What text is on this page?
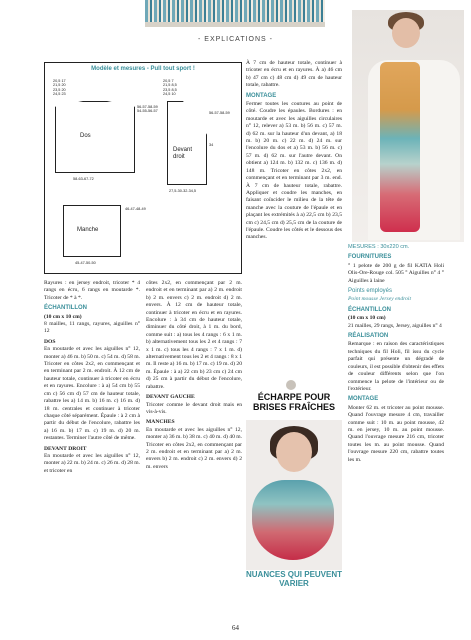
- EXPLICATIONS -
Modèle et mesures - Pull tout sport !
20,5 17
21,5 20
23,5 20
24,5 23
Dos
56-57-58-59
54-55-56-57
58-63-67-72
20,5 7
21,5 8,5
23,5 8,5
24,5 10
Devant droit
56-57-58-59
34
27,5-30-32-34,5
Manche
46-47-48-49
45-47-50-50

Rayures : en jersey endroit, tricoter * 4 rangs en écru, 6 rangs en moutarde *. Tricoter de * à *.

ÉCHANTILLON

(10 cm x 10 cm)

8 mailles, 11 rangs, rayures, aiguilles n° 12

DOS

En moutarde et avec les aiguilles n° 12, monter a) 46 m. b) 50 m. c) 54 m. d) 58 m. Tricoter en côtes 2x2, en commençant et en terminant par 2 m. endroit. À 12 cm de hauteur totale, continuer à tricoter en écru et en rayures. Encolure : à a) 54 cm b) 55 cm c) 56 cm d) 57 cm de hauteur totale, rabattre les a) 14 m. b) 16 m. c) 16 m. d) 18 m. centrales et continuer à tricoter chaque côté séparément. Épaule : à 2 cm à partir du début de l'encolure, rabattre les a) 16 m. b) 17 m. c) 19 m. d) 20 m. restantes. Terminer l'autre côté de même.

DEVANT DROIT

En moutarde et avec les aiguilles n° 12, monter a) 22 m. b) 24 m. c) 26 m. d) 28 m. et tricoter en

côtes 2x2, en commençant par 2 m. endroit et en terminant par a) 2 m. endroit b) 2 m. envers c) 2 m. endroit d) 2 m. envers. À 12 cm de hauteur totale, continuer à tricoter en écru et en rayures. Encolure : à 34 cm de hauteur totale, diminuer du côté droit, à 1 m. du bord, comme suit : a) tous les 4 rangs : 6 x 1 m. b) alternativement tous les 2 et 4 rangs : 7 x 1 m. c) tous les 4 rangs : 7 x 1 m. d) alternativement tous les 2 et 4 rangs : 8 x 1 m. Il reste a) 16 m. b) 17 m. c) 19 m. d) 20 m. Épaule : à a) 22 cm b) 23 cm c) 24 cm d) 25 cm à partir du début de l'encolure, rabattre.

DEVANT GAUCHE

Tricoter comme le devant droit mais en vis-à-vis.

MANCHES

En moutarde et avec les aiguilles n° 12, monter a) 36 m. b) 38 m. c) 40 m. d) 40 m. Tricoter en côtes 2x2, en commençant par 2 m. endroit et en terminant par a) 2 m. envers b) 2 m. endroit c) 2 m. envers d) 2 m. envers

À 7 cm de hauteur totale, continuer à tricoter en écru et en rayures. À a) 46 cm b) 47 cm c) 48 cm d) 49 cm de hauteur totale, rabattre.

MONTAGE

Fermer toutes les coutures au point de côté. Coudre les épaules. Bordures : en moutarde et avec les aiguilles circulaires n° 12, relever a) 53 m. b) 56 m. c) 57 m. d) 62 m. sur la hauteur d'un devant, a) 18 m. b) 20 m. c) 22 m. d) 24 m. sur l'encolure du dos et a) 53 m. b) 56 m. c) 57 m. d) 62 m. sur l'autre devant. On obtient a) 124 m. b) 132 m. c) 136 m. d) 148 m. Tricoter en côtes 2x2, en commençant et en terminant par 3 m. end. À 7 cm de hauteur totale, rabattre. Appliquer et coudre les manches, en faisant coïncider le milieu de la tête de manche avec la couture de l'épaule et en plaçant les extrémités à a) 22,5 cm b) 23,5 cm c) 24,5 cm d) 25,5 cm de la couture de l'épaule. Coudre les côtés et le dessous des manches.

ÉCHARPE POUR BRISES FRAÎCHES
NUANCES QUI PEUVENT VARIER

MESURES : 30x220 cm.

FOURNITURES

° 1 pelote de 200 g de fil KATIA Holi Olis-Ore-Rouge col. 505 ° Aiguilles n° 4 ° Aiguilles à laine

Points employés

Point mousse Jersey endroit

ÉCHANTILLON

(10 cm x 10 cm)

21 mailles, 29 rangs, Jersey, aiguilles n° 4

RÉALISATION

Remarque : en raison des caractéristiques techniques du fil Holi, fil issu du cycle parfait qui présente un dégradé de couleurs, il est possible d'obtenir des effets de couleur différents selon que l'on commence la pelote de l'intérieur ou de l'extérieur.

MONTAGE

Monter 62 m. et tricoter au point mousse. Quand l'ouvrage mesure 4 cm, travailler comme suit : 10 m. au point mousse, 42 m. en jersey, 10 m. au point mousse. Quand l'ouvrage mesure 216 cm, tricoter toutes les m. au point mousse. Quand l'ouvrage mesure 220 cm, rabattre toutes les m.

64
